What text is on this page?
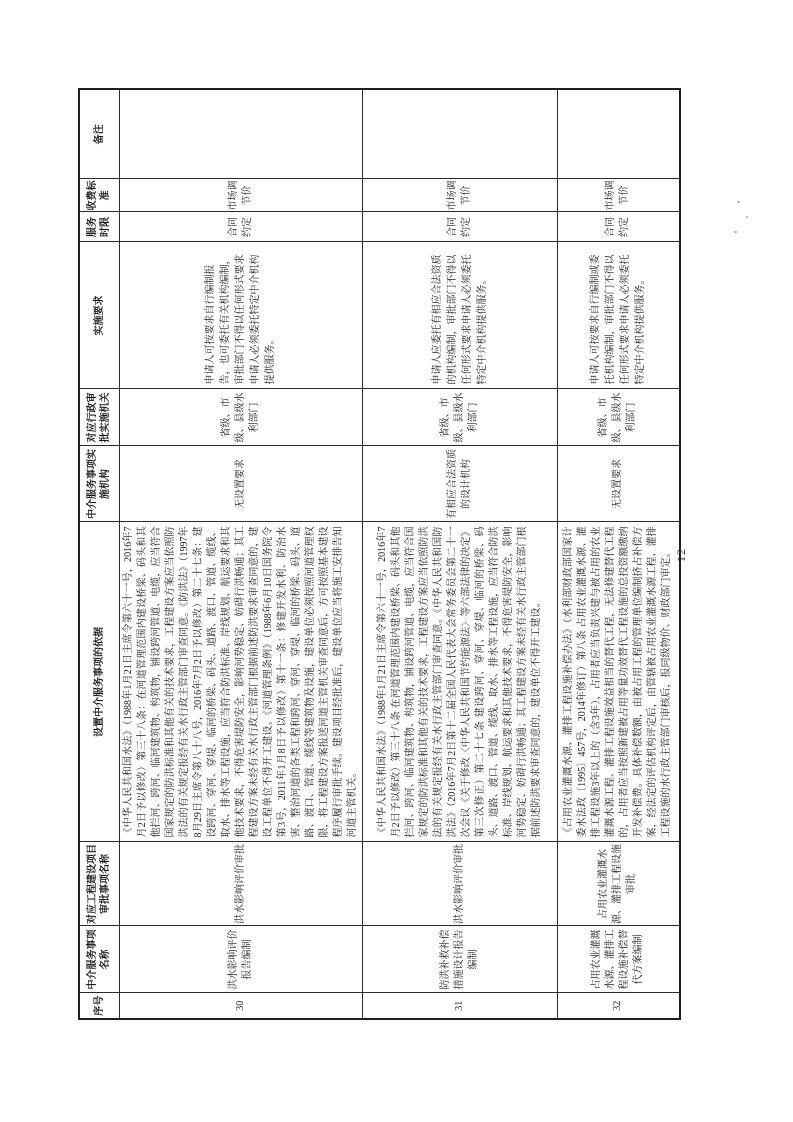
序号	中介服务事项名称	对应工程建设项目审批事项名称	设置中介服务事项的依据	中介服务事项实施机构	对应行政审批实施机关	实施要求	服务时限	收费标准	备注
30	洪水影响评价报告编制	洪水影响评价审批	《中华人民共和国水法》（1988年1月21日主席令第六十一号，2016年7月2日予以修改）第三十八条：在河道管理范围内建设桥梁、码头和其他拦河、跨河、临河建筑物、构筑物，铺设跨河管道、电缆，应当符合国家规定的防洪标准和其他有关的技术要求，工程建设方案应当依照防洪法的有关规定报经有关水行政主管部门审查同意。《防洪法》（1997年8月29日主席令第八十八号，2016年7月2日予以修改）第二十七条：建设跨河、穿河、穿堤、临河的桥梁、码头、道路、渡口、管道、缆线、取水、排水等工程设施，应当符合防洪标准、岸线规划、航运要求和其他技术要求，不得危害堤防安全，影响河势稳定、妨碍行洪畅通；其工程建设方案未经有关水行政主管部门根据前述防洪要求审查同意的，建设工程单位不得开工建设。《河道管理条例》（1988年6月10日国务院令第3号，2011年1月8日予以修改）第十一条：修建开发水利、防治水害、整治河道的各类工程和跨河、穿河、穿堤、临河的桥梁、码头、道路、渡口、管道、缆线等建筑物及设施，建设单位必须按照河道管理权限，将工程建设方案报送河道主管机关审查同意后，方可按照基本建设程序履行审批手续。建设项目经批准后，建设单位应当将施工安排告知河道主管机关。	无设置要求	省级、市级、县级水利部门	申请人可按要求自行编制报告，也可委托有关机构编制，审批部门不得以任何形式要求申请人必须委托特定中介机构提供服务。	合同约定	市场调节价	
31	防洪补救补偿措施设计报告编制	洪水影响评价审批	《中华人民共和国水法》（1988年1月21日主席令第六十一号，2016年7月2日予以修改）第三十八条 在河道管理范围内建设桥梁、码头和其他拦河、跨河、临河建筑物、构筑物，铺设跨河管道、电缆，应当符合国家规定的防洪标准和其他有关的技术要求，工程建设方案应当依照防洪法的有关规定报经有关水行政主管部门审查同意。《中华人民共和国防洪法》（2016年7月2日第十二届全国人民代表大会常务委员会第二十一次会议《关于修改〈中华人民共和国节约能源法〉等六部法律的决定》第三次修正）第二十七条 建设跨河、穿河、穿堤、临河的桥梁、码头、道路、渡口、管道、缆线、取水、排水等工程设施，应当符合防洪标准、岸线规划、航运要求和其他技术要求，不得危害堤防安全，影响河势稳定、妨碍行洪畅通；其工程建设方案未经有关水行政主管部门根据前述防洪要求审查同意的，建设单位不得开工建设。	有相应合法资质的设计机构	省级、市级、县级水利部门	申请人应委托有相应合法资质的机构编制，审批部门不得以任何形式要求申请人必须委托特定中介机构提供服务。	合同约定	市场调节价	
32	占用农业灌溉水源、灌排工程设施补偿替代方案编制	占用农业灌溉水源、灌排工程设施审批	《占用农业灌溉水源、灌排工程设施补偿办法》（水利部财政部国家计委水法政〔1995〕457号，2014年修订）第八条 占用农业灌溉水源、灌排工程设施3年以上的（含3年），占用者应当负责兴建与被占用的农业灌溉水源工程、灌排工程设施效益相当的替代工程，无法修建替代工程的，占用者应当按照新建被占用等量功效替代工程设施的总投资额缴纳开发补偿费。具体补偿数额，由被占用工程的管理单位编制挤占补偿方案，经法定的评估机构评定后，由管辖被占用农业灌溉水源工程、灌排工程设施的水行政主管部门审核后，报同级物价、财政部门审定。	无设置要求	省级、市级、县级水利部门	申请人可按要求自行编制或委托机构编制，审批部门不得以任何形式要求申请人必须委托特定中介机构提供服务。	合同约定	市场调节价	
12
